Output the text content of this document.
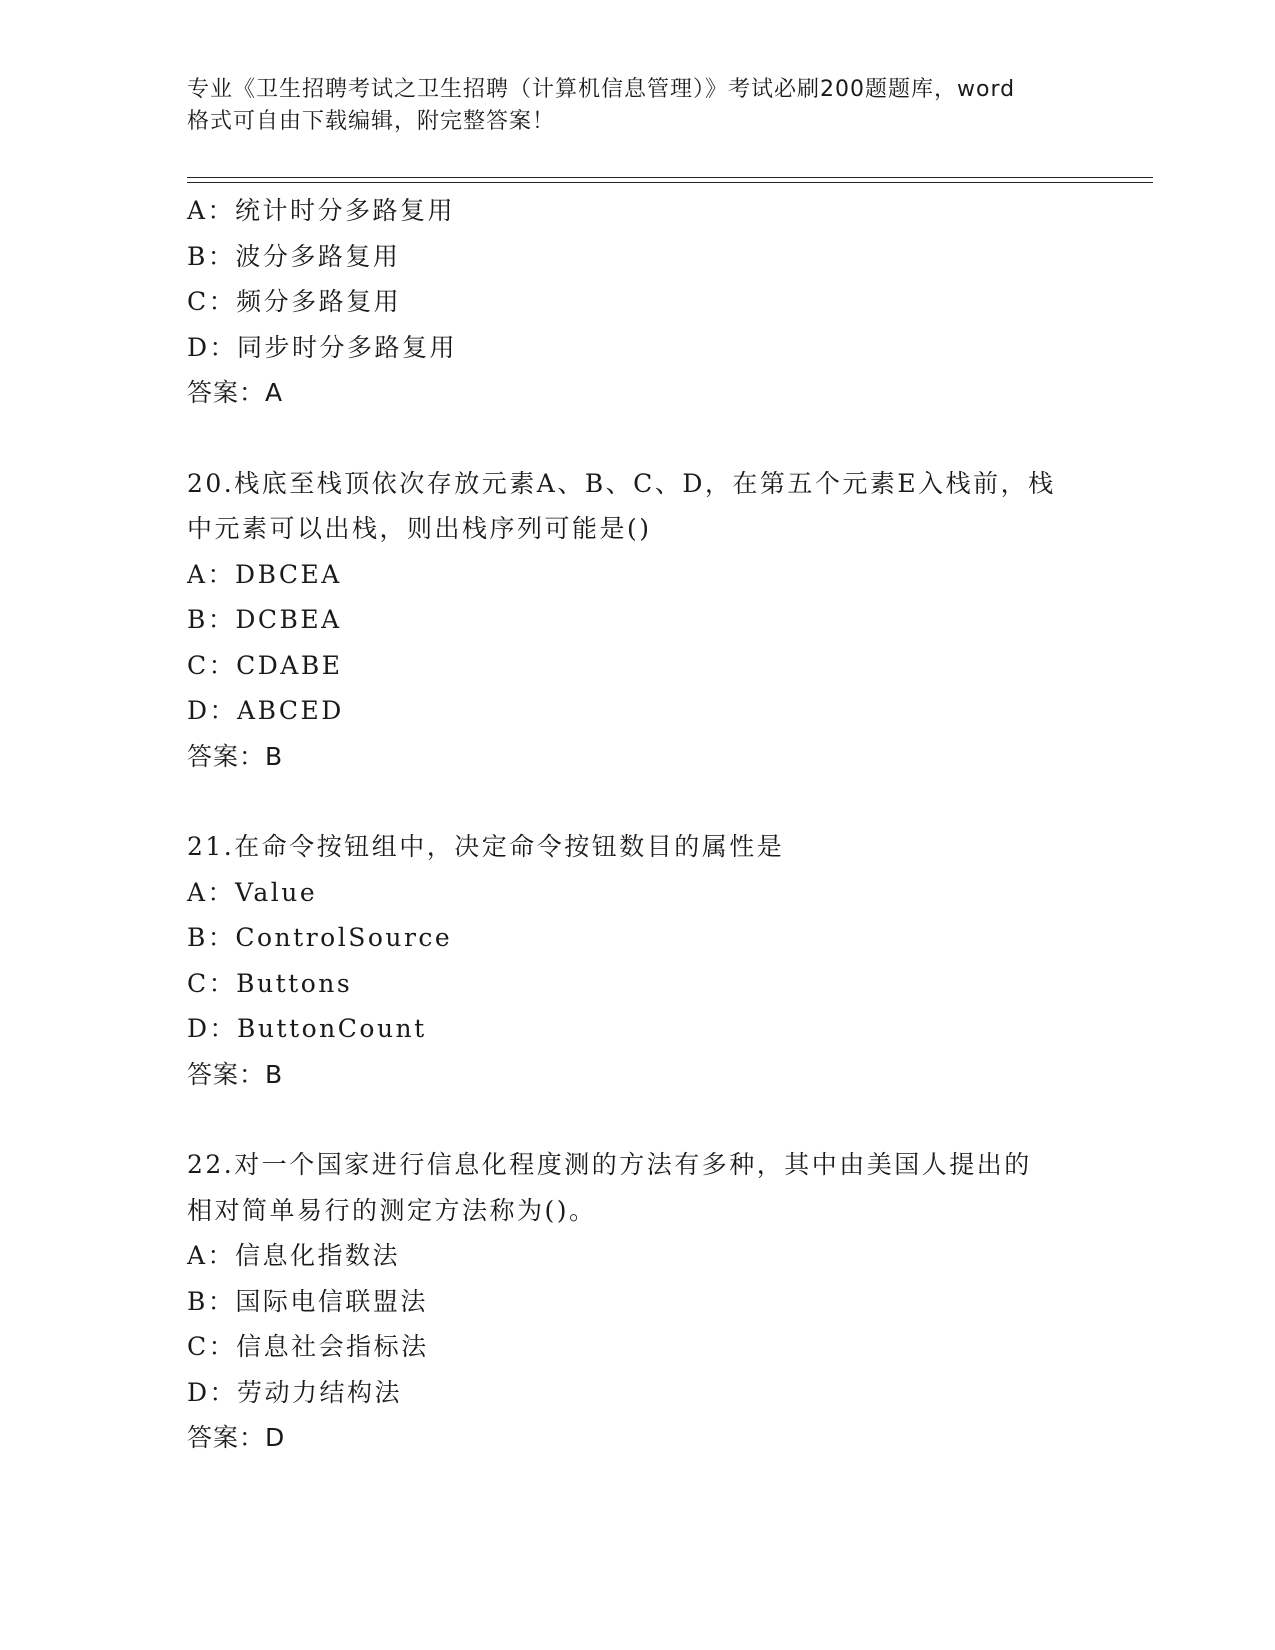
专业《卫生招聘考试之卫生招聘（计算机信息管理）》考试必刷200题题库，word
格式可自由下载编辑，附完整答案！
A：统计时分多路复用
B：波分多路复用
C：频分多路复用
D：同步时分多路复用
答案：A
20.栈底至栈顶依次存放元素A、B、C、D，在第五个元素E入栈前，栈
中元素可以出栈，则出栈序列可能是()
A：DBCEA
B：DCBEA
C：CDABE
D：ABCED
答案：B
21.在命令按钮组中，决定命令按钮数目的属性是
A：Value
B：ControlSource
C：Buttons
D：ButtonCount
答案：B
22.对一个国家进行信息化程度测的方法有多种，其中由美国人提出的
相对简单易行的测定方法称为()。
A：信息化指数法
B：国际电信联盟法
C：信息社会指标法
D：劳动力结构法
答案：D
